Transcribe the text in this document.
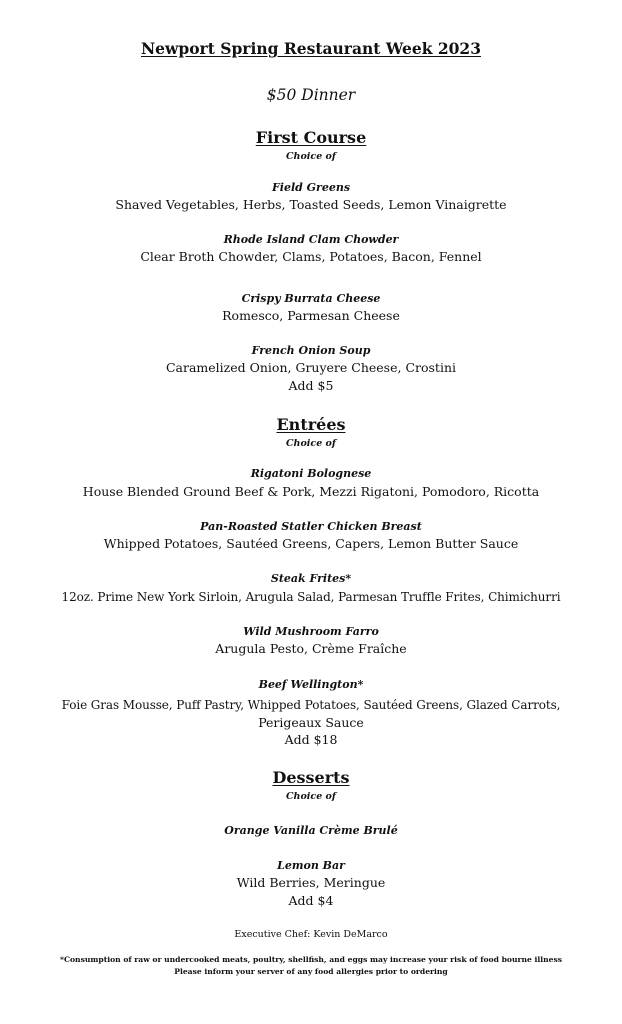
Newport Spring Restaurant Week 2023
$50 Dinner
First Course
Choice of
Field Greens
Shaved Vegetables, Herbs, Toasted Seeds, Lemon Vinaigrette
Rhode Island Clam Chowder
Clear Broth Chowder, Clams, Potatoes, Bacon, Fennel
Crispy Burrata Cheese
Romesco, Parmesan Cheese
French Onion Soup
Caramelized Onion, Gruyere Cheese, Crostini
Add $5
Entrées
Choice of
Rigatoni Bolognese
House Blended Ground Beef & Pork, Mezzi Rigatoni, Pomodoro, Ricotta
Pan-Roasted Statler Chicken Breast
Whipped Potatoes, Sautéed Greens, Capers, Lemon Butter Sauce
Steak Frites*
12oz. Prime New York Sirloin, Arugula Salad, Parmesan Truffle Frites, Chimichurri
Wild Mushroom Farro
Arugula Pesto, Crème Fraîche
Beef Wellington*
Foie Gras Mousse, Puff Pastry, Whipped Potatoes, Sautéed Greens, Glazed Carrots,
Perigeaux Sauce
Add $18
Desserts
Choice of
Orange Vanilla Crème Brulé
Lemon Bar
Wild Berries, Meringue
Add $4
Executive Chef: Kevin DeMarco
*Consumption of raw or undercooked meats, poultry, shellfish, and eggs may increase your risk of food bourne illness
Please inform your server of any food allergies prior to ordering
